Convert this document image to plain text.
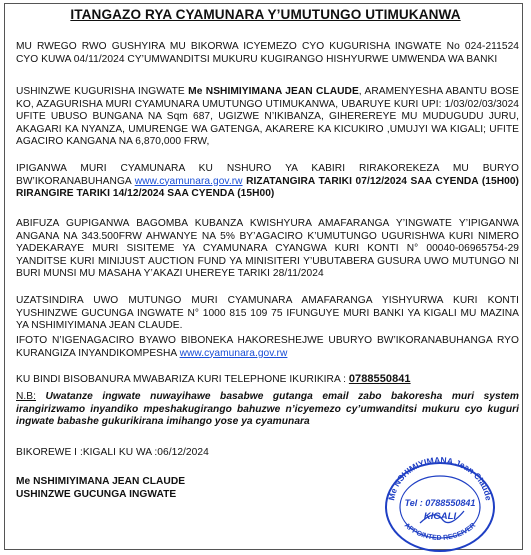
ITANGAZO RYA CYAMUNARA Y’UMUTUNGO UTIMUKANWA

MU RWEGO RWO GUSHYIRA MU BIKORWA ICYEMEZO CYO KUGURISHA INGWATE No 024-211524 CYO KUWA 04/11/2024 CY’UMWANDITSI MUKURU KUGIRANGO HISHYURWE UMWENDA WA BANKI

USHINZWE KUGURISHA INGWATE Me NSHIMIYIMANA JEAN CLAUDE, ARAMENYESHA ABANTU BOSE KO, AZAGURISHA MURI CYAMUNARA UMUTUNGO UTIMUKANWA, UBARUYE KURI UPI: 1/03/02/03/3024 UFITE UBUSO BUNGANA NA Sqm 687, UGIZWE N’IKIBANZA, GIHEREREYE MU MUDUGUDU JURU, AKAGARI KA NYANZA, UMURENGE WA GATENGA, AKARERE KA KICUKIRO ,UMUJYI WA KIGALI; UFITE AGACIRO KANGANA NA 6,870,000 FRW,

IPIGANWA MURI CYAMUNARA KU NSHURO YA KABIRI RIRAKOREKEZA MU BURYO BW’IKORANABUHANGA www.cyamunara.gov.rw RIZATANGIRA TARIKI 07/12/2024 SAA CYENDA (15H00) RIRANGIRE TARIKI 14/12/2024 SAA CYENDA (15H00)

ABIFUZA GUPIGANWA BAGOMBA KUBANZA KWISHYURA AMAFARANGA Y’INGWATE Y’IPIGANWA ANGANA NA 343.500FRW AHWANYE NA 5% BY’AGACIRO K’UMUTUNGO UGURISHWA KURI NIMERO YADEKARAYE MURI SISITEME YA CYAMUNARA CYANGWA KURI KONTI N° 00040-06965754-29 YANDITSE KURI MINIJUST AUCTION FUND YA MINISITERI Y’UBUTABERA GUSURA UWO MUTUNGO NI BURI MUNSI MU MASAHA Y’AKAZI UHEREYE TARIKI 28/11/2024

UZATSINDIRA UWO MUTUNGO MURI CYAMUNARA AMAFARANGA YISHYURWA KURI KONTI YUSHINZWE GUCUNGA INGWATE N° 1000 815 109 75 IFUNGUYE MURI BANKI YA KIGALI MU MAZINA YA NSHIMIYIMANA JEAN CLAUDE.

IFOTO N’IGENAGACIRO BYAWO BIBONEKA HAKORESHEJWE UBURYO BW’IKORANABUHANGA RYO KURANGIZA INYANDIKOMPESHA www.cyamunara.gov.rw

KU BINDI BISOBANURA MWABARIZA KURI TELEPHONE IKURIKIRA : 0788550841

N.B: Uwatanze ingwate nuwayihawe basabwe gutanga email zabo bakoresha muri system irangirizwamo inyandiko mpeshakugirango bahuzwe n’icyemezo cy’umwanditsi mukuru cyo kuguri ingwate babashe gukurikirana imihango yose ya cyamunara

BIKOREWE I :KIGALI KU WA :06/12/2024

Me NSHIMIYIMANA JEAN CLAUDE

USHINZWE GUCUNGA INGWATE	Me NSHIMIYIMANA Jean Claude
APPOINTED RECEIVER
Tel : 0788550841
KIGALI
